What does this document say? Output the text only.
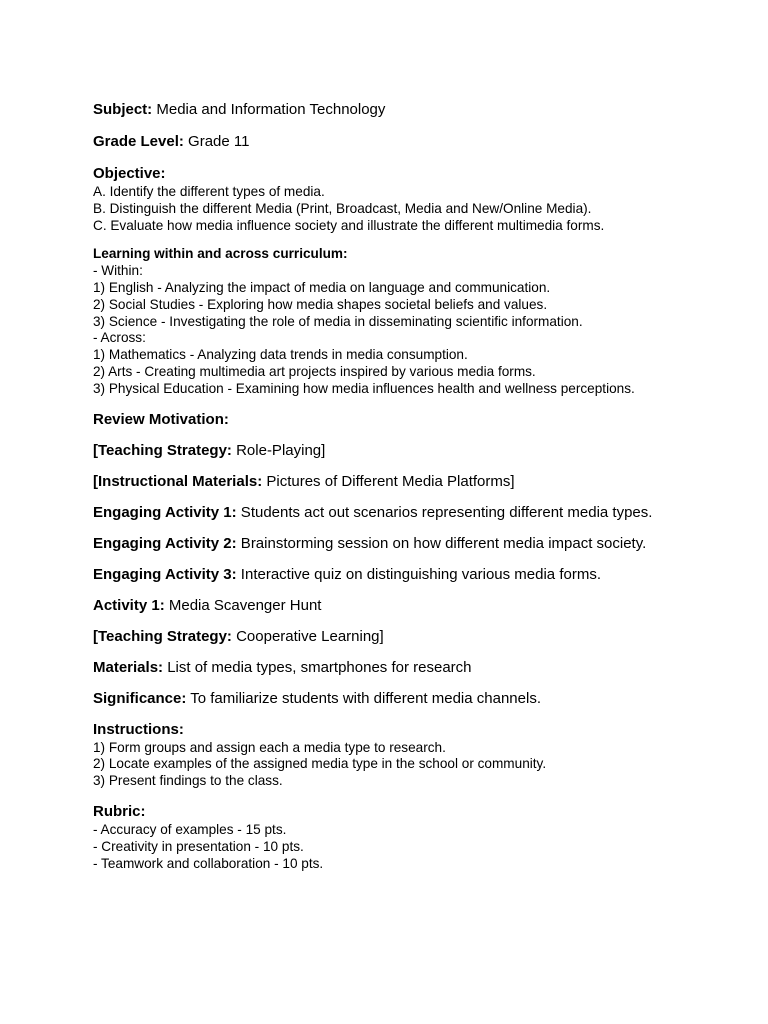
Subject: Media and Information Technology

Grade Level: Grade 11

Objective:

A. Identify the different types of media.

B. Distinguish the different Media (Print, Broadcast, Media and New/Online Media).

C. Evaluate how media influence society and illustrate the different multimedia forms.

Learning within and across curriculum:

- Within:

1) English - Analyzing the impact of media on language and communication.

2) Social Studies - Exploring how media shapes societal beliefs and values.

3) Science - Investigating the role of media in disseminating scientific information.

- Across:

1) Mathematics - Analyzing data trends in media consumption.

2) Arts - Creating multimedia art projects inspired by various media forms.

3) Physical Education - Examining how media influences health and wellness perceptions.

Review Motivation:

[Teaching Strategy: Role-Playing]

[Instructional Materials: Pictures of Different Media Platforms]

Engaging Activity 1: Students act out scenarios representing different media types.

Engaging Activity 2: Brainstorming session on how different media impact society.

Engaging Activity 3: Interactive quiz on distinguishing various media forms.

Activity 1: Media Scavenger Hunt

[Teaching Strategy: Cooperative Learning]

Materials: List of media types, smartphones for research

Significance: To familiarize students with different media channels.

Instructions:

1) Form groups and assign each a media type to research.

2) Locate examples of the assigned media type in the school or community.

3) Present findings to the class.

Rubric:

- Accuracy of examples - 15 pts.

- Creativity in presentation - 10 pts.

- Teamwork and collaboration - 10 pts.
